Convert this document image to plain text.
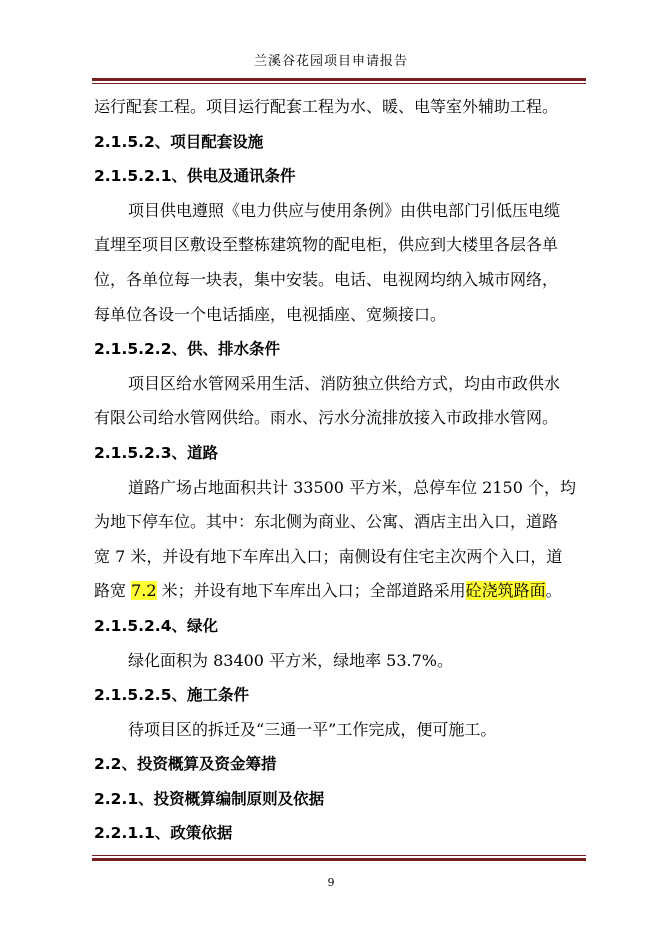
兰溪谷花园项目申请报告
运行配套工程。项目运行配套工程为水、暖、电等室外辅助工程。
2.1.5.2、项目配套设施
2.1.5.2.1、供电及通讯条件
项目供电遵照《电力供应与使用条例》由供电部门引低压电缆
直埋至项目区敷设至整栋建筑物的配电柜，供应到大楼里各层各单
位，各单位每一块表，集中安装。电话、电视网均纳入城市网络，
每单位各设一个电话插座，电视插座、宽频接口。
2.1.5.2.2、供、排水条件
项目区给水管网采用生活、消防独立供给方式，均由市政供水
有限公司给水管网供给。雨水、污水分流排放接入市政排水管网。
2.1.5.2.3、道路
道路广场占地面积共计 33500 平方米，总停车位 2150 个，均
为地下停车位。其中：东北侧为商业、公寓、酒店主出入口，道路
宽 7 米，并设有地下车库出入口；南侧设有住宅主次两个入口，道
路宽 7.2 米；并设有地下车库出入口；全部道路采用砼浇筑路面。
2.1.5.2.4、绿化
绿化面积为 83400 平方米，绿地率 53.7%。
2.1.5.2.5、施工条件
待项目区的拆迁及“三通一平”工作完成，便可施工。
2.2、投资概算及资金筹措
2.2.1、投资概算编制原则及依据
2.2.1.1、政策依据
9
